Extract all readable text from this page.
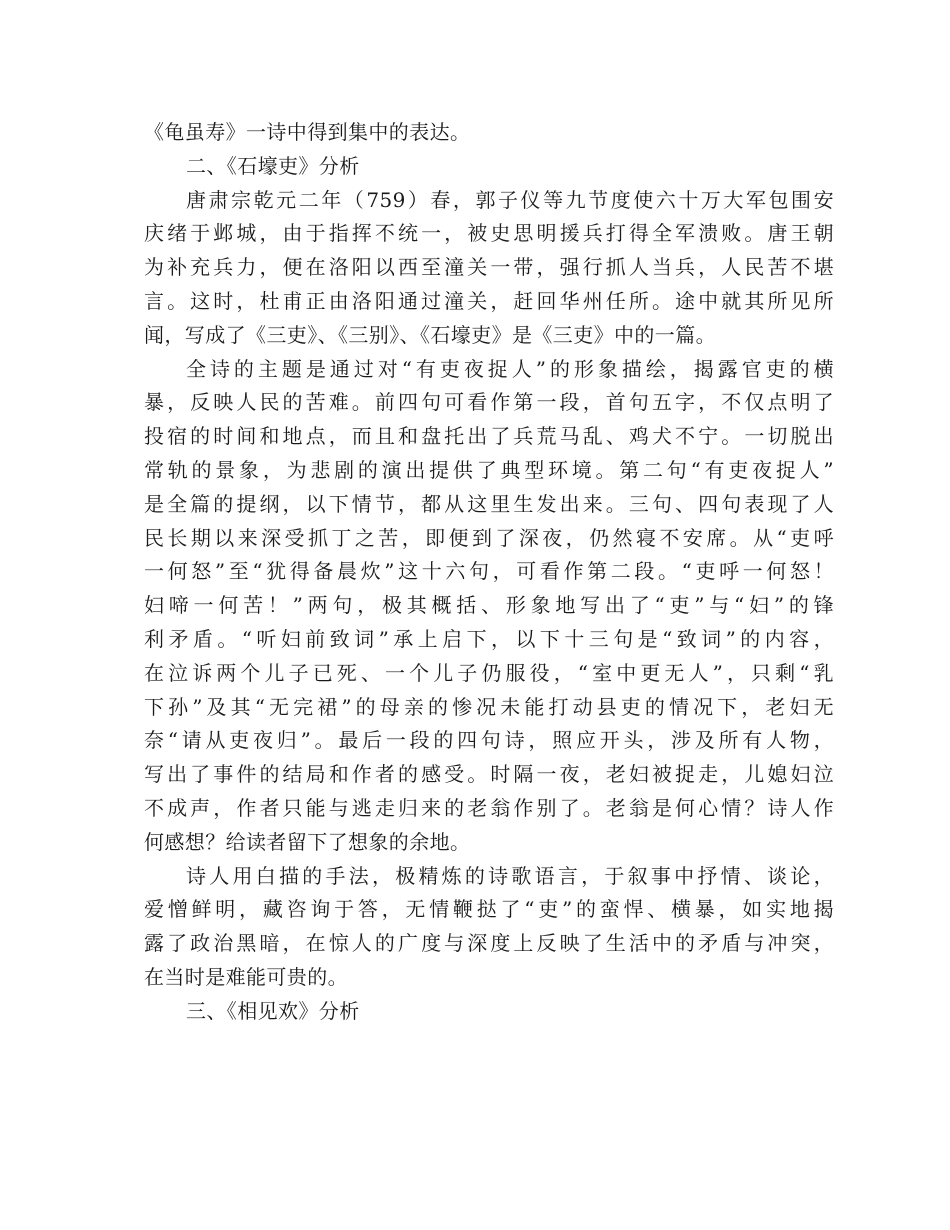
《龟虽寿》一诗中得到集中的表达。
二、《石壕吏》分析
唐肃宗乾元二年（759）春，郭子仪等九节度使六十万大军包围安
庆绪于邺城，由于指挥不统一，被史思明援兵打得全军溃败。唐王朝
为补充兵力，便在洛阳以西至潼关一带，强行抓人当兵，人民苦不堪
言。这时，杜甫正由洛阳通过潼关，赶回华州任所。途中就其所见所
闻，写成了《三吏》、《三别》、《石壕吏》是《三吏》中的一篇。
全诗的主题是通过对“有吏夜捉人”的形象描绘，揭露官吏的横
暴，反映人民的苦难。前四句可看作第一段，首句五字，不仅点明了
投宿的时间和地点，而且和盘托出了兵荒马乱、鸡犬不宁。一切脱出
常轨的景象，为悲剧的演出提供了典型环境。第二句“有吏夜捉人”
是全篇的提纲，以下情节，都从这里生发出来。三句、四句表现了人
民长期以来深受抓丁之苦，即便到了深夜，仍然寝不安席。从“吏呼
一何怒”至“犹得备晨炊”这十六句，可看作第二段。“吏呼一何怒！
妇啼一何苦！”两句，极其概括、形象地写出了“吏”与“妇”的锋
利矛盾。“听妇前致词”承上启下，以下十三句是“致词”的内容，
在泣诉两个儿子已死、一个儿子仍服役，“室中更无人”，只剩“乳
下孙”及其“无完裙”的母亲的惨况未能打动县吏的情况下，老妇无
奈“请从吏夜归”。最后一段的四句诗，照应开头，涉及所有人物，
写出了事件的结局和作者的感受。时隔一夜，老妇被捉走，儿媳妇泣
不成声，作者只能与逃走归来的老翁作别了。老翁是何心情？诗人作
何感想？给读者留下了想象的余地。
诗人用白描的手法，极精炼的诗歌语言，于叙事中抒情、谈论，
爱憎鲜明，藏咨询于答，无情鞭挞了“吏”的蛮悍、横暴，如实地揭
露了政治黑暗，在惊人的广度与深度上反映了生活中的矛盾与冲突，
在当时是难能可贵的。
三、《相见欢》分析
